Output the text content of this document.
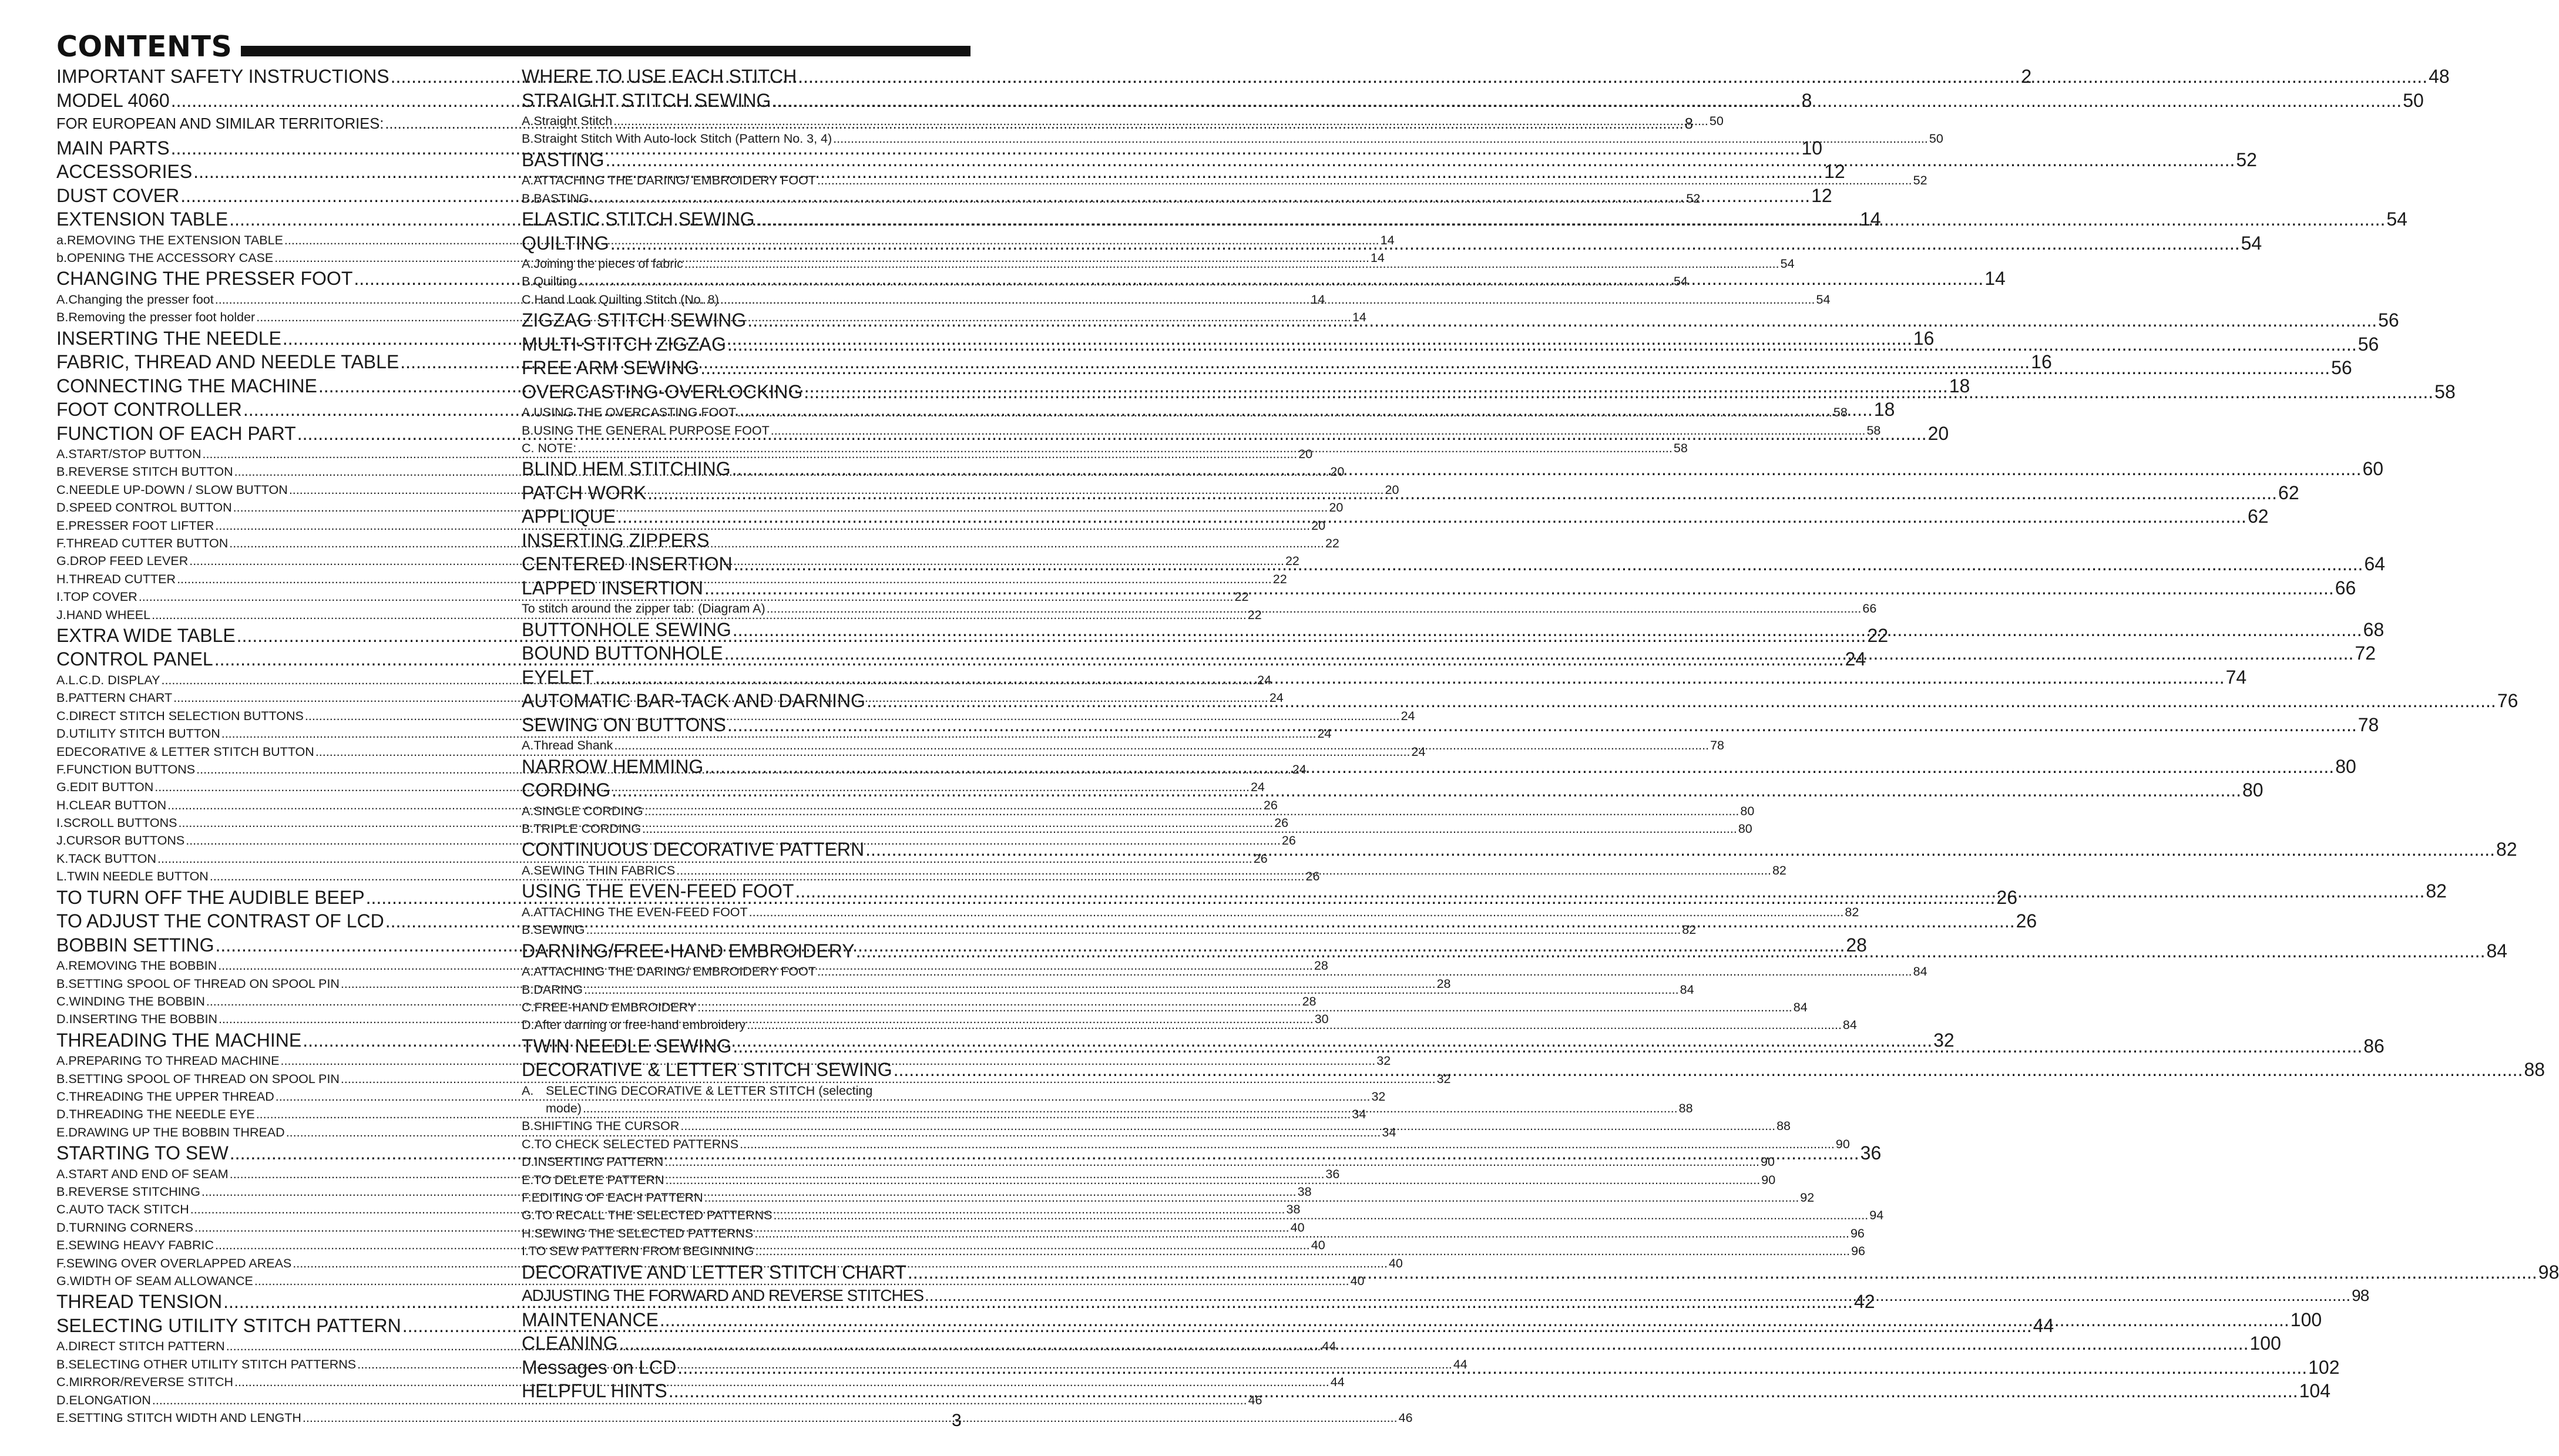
CONTENTS
IMPORTANT SAFETY INSTRUCTIONS .....	2
MODEL 4060 .....	8
FOR EUROPEAN AND SIMILAR TERRITORIES: .....	8
MAIN PARTS .....	10
ACCESSORIES .....	12
DUST COVER .....	12
EXTENSION TABLE .....	14
a. REMOVING THE EXTENSION TABLE .....	14
b. OPENING THE ACCESSORY CASE .....	14
CHANGING THE PRESSER FOOT .....	14
A. Changing the presser foot .....	14
B. Removing the presser foot holder .....	14
INSERTING THE NEEDLE .....	16
FABRIC, THREAD AND NEEDLE TABLE .....	16
CONNECTING THE MACHINE .....	18
FOOT CONTROLLER .....	18
FUNCTION OF EACH PART .....	20
A. START/STOP BUTTON .....	20
B. REVERSE STITCH BUTTON .....	20
C. NEEDLE UP-DOWN / SLOW BUTTON .....	20
D. SPEED CONTROL BUTTON .....	20
E. PRESSER FOOT LIFTER .....	20
F. THREAD CUTTER BUTTON .....	22
G. DROP FEED LEVER .....	22
H. THREAD CUTTER .....	22
I. TOP COVER .....	22
J. HAND WHEEL .....	22
EXTRA WIDE TABLE .....	22
CONTROL PANEL .....	24
A. L.C.D. DISPLAY .....	24
B. PATTERN CHART .....	24
C. DIRECT STITCH SELECTION BUTTONS .....	24
D. UTILITY STITCH BUTTON .....	24
E DECORATIVE & LETTER STITCH BUTTON .....	24
F. FUNCTION BUTTONS .....	24
G. EDIT BUTTON .....	24
H. CLEAR BUTTON .....	26
I. SCROLL BUTTONS .....	26
J. CURSOR BUTTONS .....	26
K. TACK BUTTON .....	26
L. TWIN NEEDLE BUTTON .....	26
TO TURN OFF THE AUDIBLE BEEP .....	26
TO ADJUST THE CONTRAST OF LCD .....	26
BOBBIN SETTING .....	28
A. REMOVING THE BOBBIN .....	28
B. SETTING SPOOL OF THREAD ON SPOOL PIN .....	28
C. WINDING THE BOBBIN .....	28
D. INSERTING THE BOBBIN .....	30
THREADING THE MACHINE .....	32
A. PREPARING TO THREAD MACHINE .....	32
B. SETTING SPOOL OF THREAD ON SPOOL PIN .....	32
C. THREADING THE UPPER THREAD .....	32
D. THREADING THE NEEDLE EYE .....	34
E. DRAWING UP THE BOBBIN THREAD .....	34
STARTING TO SEW .....	36
A. START AND END OF SEAM .....	36
B. REVERSE STITCHING .....	38
C. AUTO TACK STITCH .....	38
D. TURNING CORNERS .....	40
E. SEWING HEAVY FABRIC .....	40
F. SEWING OVER OVERLAPPED AREAS .....	40
G. WIDTH OF SEAM ALLOWANCE .....	40
THREAD TENSION .....	42
SELECTING UTILITY STITCH PATTERN .....	44
A. DIRECT STITCH PATTERN .....	44
B. SELECTING OTHER UTILITY STITCH PATTERNS .....	44
C. MIRROR/REVERSE STITCH .....	44
D. ELONGATION .....	46
E. SETTING STITCH WIDTH AND LENGTH .....	46
WHERE TO USE EACH STITCH .....	48
STRAIGHT STITCH SEWING .....	50
A. Straight Stitch .....	50
B. Straight Stitch With Auto-lock Stitch (Pattern No. 3, 4) .....	50
BASTING .....	52
A. ATTACHING THE DARING/ EMBROIDERY FOOT .....	52
B. BASTING .....	52
ELASTIC STITCH SEWING .....	54
QUILTING .....	54
A. Joining the pieces of fabric .....	54
B. Quilting .....	54
C. Hand Look Quilting Stitch (No. 8) .....	54
ZIGZAG STITCH SEWING .....	56
MULTI-STITCH ZIGZAG .....	56
FREE ARM SEWING .....	56
OVERCASTING-OVERLOCKING .....	58
A. USING THE OVERCASTING FOOT .....	58
B. USING THE GENERAL PURPOSE FOOT .....	58
C. NOTE: .....	58
BLIND HEM STITCHING .....	60
PATCH WORK .....	62
APPLIQUE .....	62
INSERTING ZIPPERS
CENTERED INSERTION .....	64
LAPPED INSERTION .....	66
To stitch around the zipper tab: (Diagram A) .....	66
BUTTONHOLE SEWING .....	68
BOUND BUTTONHOLE .....	72
EYELET .....	74
AUTOMATIC BAR-TACK AND DARNING .....	76
SEWING ON BUTTONS .....	78
A. Thread Shank .....	78
NARROW HEMMING .....	80
CORDING .....	80
A. SINGLE CORDING .....	80
B. TRIPLE CORDING .....	80
CONTINUOUS DECORATIVE PATTERN .....	82
A. SEWING THIN FABRICS .....	82
USING THE EVEN-FEED FOOT .....	82
A. ATTACHING THE EVEN-FEED FOOT .....	82
B. SEWING .....	82
DARNING/FREE-HAND EMBROIDERY .....	84
A. ATTACHING THE DARING/ EMBROIDERY FOOT .....	84
B. DARING .....	84
C. FREE-HAND EMBROIDERY .....	84
D. After darning or free-hand embroidery .....	84
TWIN NEEDLE SEWING .....	86
DECORATIVE & LETTER STITCH SEWING .....	88
A. SELECTING DECORATIVE & LETTER STITCH (selecting
mode) .....	88
B. SHIFTING THE CURSOR .....	88
C. TO CHECK SELECTED PATTERNS .....	90
D. INSERTING PATTERN .....	90
E. TO DELETE PATTERN .....	90
F. EDITING OF EACH PATTERN .....	92
G. TO RECALL THE SELECTED PATTERNS .....	94
H. SEWING THE SELECTED PATTERNS .....	96
I. TO SEW PATTERN FROM BEGINNING .....	96
DECORATIVE AND LETTER STITCH CHART .....	98
ADJUSTING THE FORWARD AND REVERSE STITCHES .....	98
MAINTENANCE .....	100
CLEANING .....	100
Messages on LCD .....	102
HELPFUL HINTS .....	104
3
